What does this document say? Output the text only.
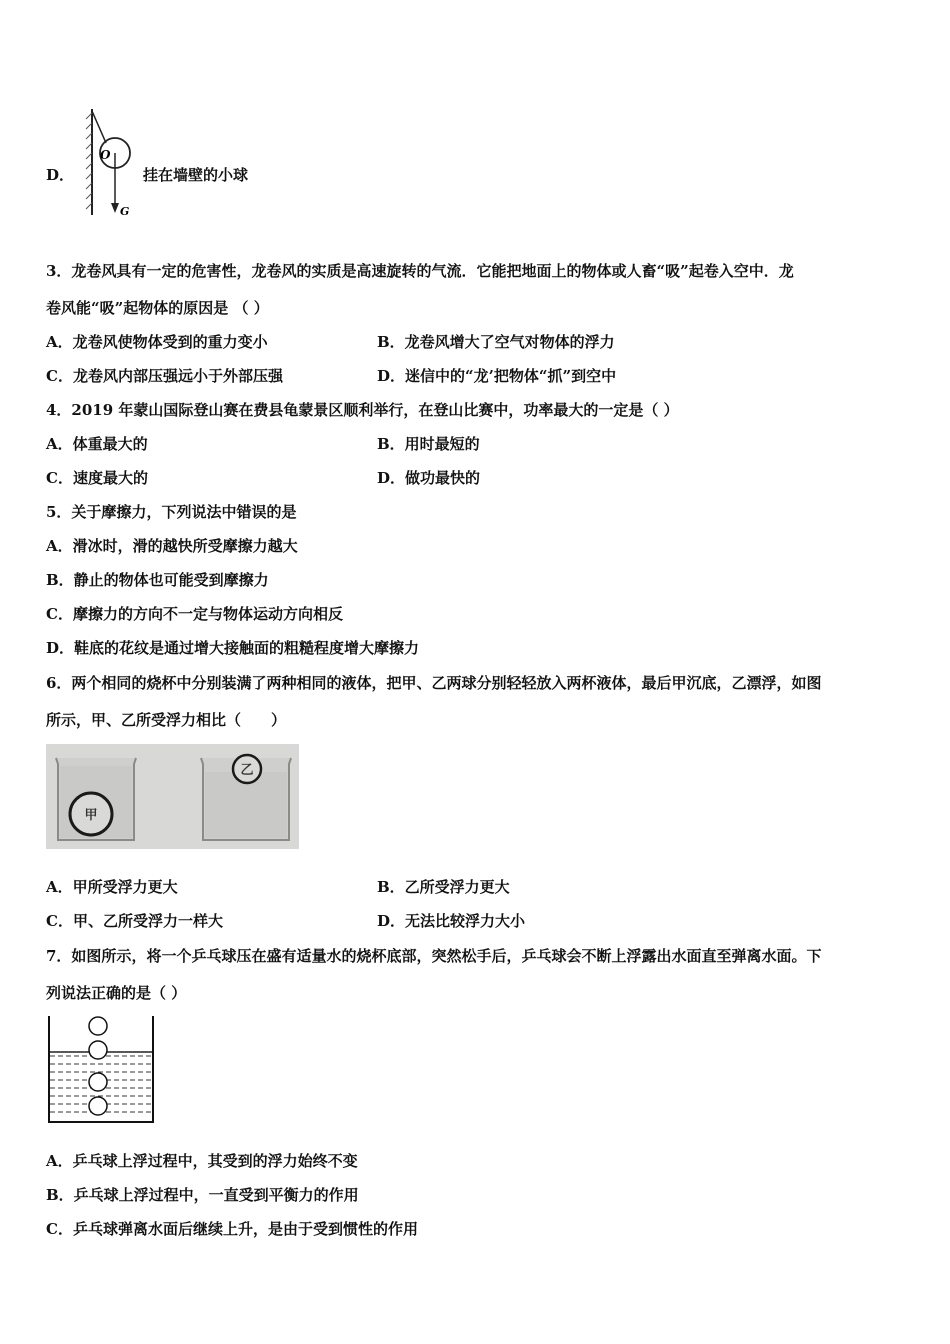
D．
O
G
挂在墙壁的小球
3．龙卷风具有一定的危害性，龙卷风的实质是高速旋转的气流．它能把地面上的物体或人畜“吸”起卷入空中．龙
卷风能“吸”起物体的原因是 （ ）
A．龙卷风使物体受到的重力变小	B．龙卷风增大了空气对物体的浮力
C．龙卷风内部压强远小于外部压强	D．迷信中的“龙’把物体“抓”到空中
4．2019 年蒙山国际登山赛在费县龟蒙景区顺利举行，在登山比赛中，功率最大的一定是（ ）
A．体重最大的	B．用时最短的
C．速度最大的	D．做功最快的
5．关于摩擦力，下列说法中错误的是
A．滑冰时，滑的越快所受摩擦力越大
B．静止的物体也可能受到摩擦力
C．摩擦力的方向不一定与物体运动方向相反
D．鞋底的花纹是通过增大接触面的粗糙程度增大摩擦力
6．两个相同的烧杯中分别装满了两种相同的液体，把甲、乙两球分别轻轻放入两杯液体，最后甲沉底，乙漂浮，如图
所示，甲、乙所受浮力相比（　　）
甲
乙
A．甲所受浮力更大	B．乙所受浮力更大
C．甲、乙所受浮力一样大	D．无法比较浮力大小
7．如图所示，将一个乒乓球压在盛有适量水的烧杯底部，突然松手后，乒乓球会不断上浮露出水面直至弹离水面。下
列说法正确的是（ ）
A．乒乓球上浮过程中，其受到的浮力始终不变
B．乒乓球上浮过程中，一直受到平衡力的作用
C．乒乓球弹离水面后继续上升，是由于受到惯性的作用
